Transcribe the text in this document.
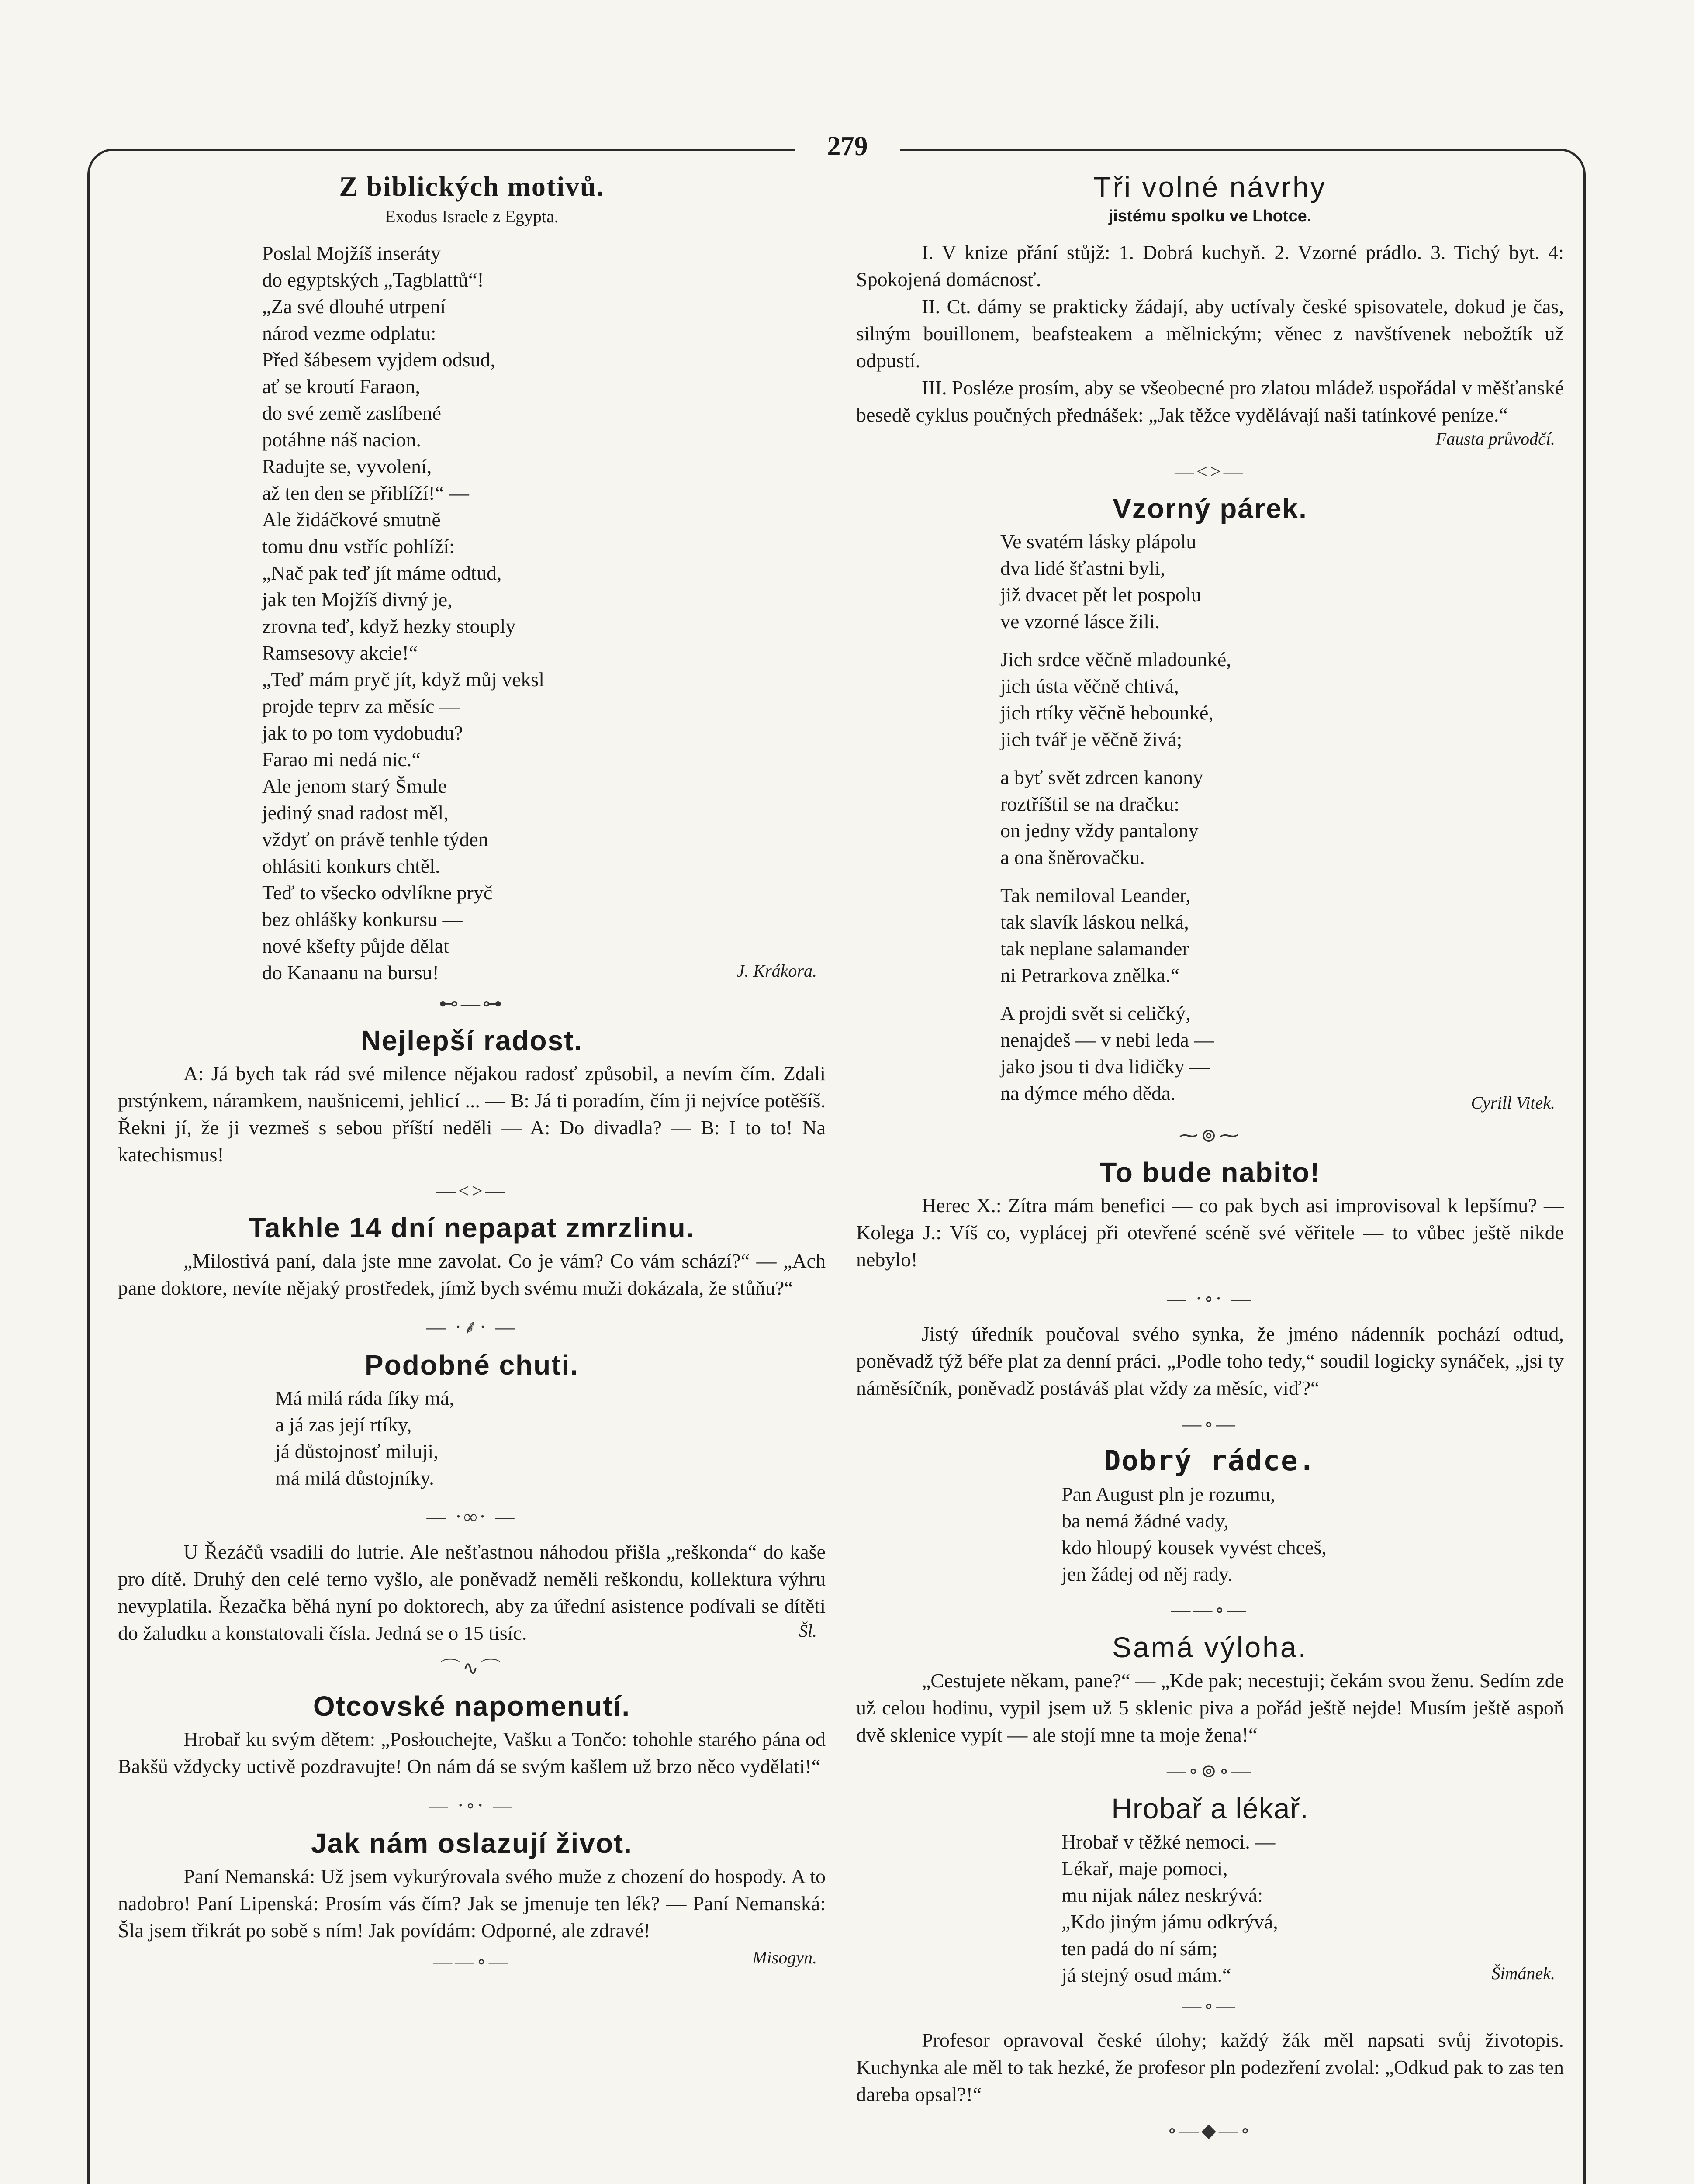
279
Z biblických motivů.
Exodus Israele z Egypta.

Poslal Mojžíš inseráty

do egyptských „Tagblattů“!

„Za své dlouhé utrpení

národ vezme odplatu:

Před šábesem vyjdem odsud,

ať se kroutí Faraon,

do své země zaslíbené

potáhne náš nacion.

Radujte se, vyvolení,

až ten den se přiblíží!“ —

Ale židáčkové smutně

tomu dnu vstříc pohlíží:

„Nač pak teď jít máme odtud,

jak ten Mojžíš divný je,

zrovna teď, když hezky stouply

Ramsesovy akcie!“

„Teď mám pryč jít, když můj veksl

projde teprv za měsíc —

jak to po tom vydobudu?

Farao mi nedá nic.“

Ale jenom starý Šmule

jediný snad radost měl,

vždyť on právě tenhle týden

ohlásiti konkurs chtěl.

Teď to všecko odvlíkne pryč

bez ohlášky konkursu —

nové kšefty půjde dělat

do Kanaanu na bursu!	J. Krákora.
⊷—⊶
Nejlepší radost.

A: Já bych tak rád své milence nějakou radosť způsobil, a nevím čím. Zdali prstýnkem, náramkem, naušnicemi, jehlicí ... — B: Já ti poradím, čím ji nejvíce potěšíš. Řekni jí, že ji vezmeš s sebou příští neděli — A: Do divadla? — B: I to to! Na katechismus!

—<>—
Takhle 14 dní nepapat zmrzlinu.

„Milostivá paní, dala jste mne zavolat. Co je vám? Co vám schází?“ — „Ach pane doktore, nevíte nějaký prostředek, jímž bych svému muži dokázala, že stůňu?“

— ⸱⸙⸱ —
Podobné chuti.

Má milá ráda fíky má,

a já zas její rtíky,

já důstojnosť miluji,

má milá důstojníky.

— ⸱∞⸱ —

U Řezáčů vsadili do lutrie. Ale nešťastnou náhodou přišla „reškonda“ do kaše pro dítě. Druhý den celé terno vyšlo, ale poněvadž neměli reškondu, kollektura výhru nevyplatila. Řezačka běhá nyní po doktorech, aby za úřední asistence podívali se dítěti do žaludku a konstatovali čísla. Jedná se o 15 tisíc.	Šl.
⌒∿⌒
Otcovské napomenutí.

Hrobař ku svým dětem: „Posłouchejte, Vašku a Tončo: tohohle starého pána od Bakšů vždycky uctivě pozdravujte! On nám dá se svým kašlem už brzo něco vydělati!“

— ⸱∘⸱ —
Jak nám oslazují život.

Paní Nemanská: Už jsem vykurýrovala svého muže z chození do hospody. A to nadobro! Paní Lipenská: Prosím vás čím? Jak se jmenuje ten lék? — Paní Nemanská: Šla jsem třikrát po sobě s ním! Jak povídám: Odporné, ale zdravé!

——∘—	Misogyn.
Tři volné návrhy
jistému spolku ve Lhotce.

I. V knize přání stůjž: 1. Dobrá kuchyň. 2. Vzorné prádlo. 3. Tichý byt. 4: Spokojená domácnosť.

II. Ct. dámy se prakticky žádají, aby uctívaly české spisovatele, dokud je čas, silným bouillonem, beafsteakem a mělnickým; věnec z navštívenek nebožtík už odpustí.

III. Posléze prosím, aby se všeobecné pro zlatou mládež uspořádal v měšťanské besedě cyklus poučných přednášek: „Jak těžce vydělávají naši tatínkové peníze.“

Fausta průvodčí.
—<>—
Vzorný párek.

Ve svatém lásky plápolu

dva lidé šťastni byli,

již dvacet pět let pospolu

ve vzorné lásce žili.

Jich srdce věčně mladounké,

jich ústa věčně chtivá,

jich rtíky věčně hebounké,

jich tvář je věčně živá;

a byť svět zdrcen kanony

roztříštil se na dračku:

on jedny vždy pantalony

a ona šněrovačku.

Tak nemiloval Leander,

tak slavík láskou nelká,

tak neplane salamander

ni Petrarkova znělka.“

A projdi svět si celičký,

nenajdeš — v nebi leda —

jako jsou ti dva lidičky —

na dýmce mého děda.	Cyrill Vitek.
⁓⊚⁓
To bude nabito!

Herec X.: Zítra mám benefici — co pak bych asi improvisoval k lepšímu? — Kolega J.: Víš co, vyplácej při otevřené scéně své věřitele — to vůbec ještě nikde nebylo!

— ⸱∘⸱ —

Jistý úředník poučoval svého synka, že jméno nádenník pochází odtud, poněvadž týž béře plat za denní práci. „Podle toho tedy,“ soudil logicky synáček, „jsi ty náměsíčník, poněvadž postáváš plat vždy za měsíc, viď?“

—∘—
Dobrý rádce.

Pan August pln je rozumu,

ba nemá žádné vady,

kdo hloupý kousek vyvést chceš,

jen žádej od něj rady.

——∘—
Samá výloha.

„Cestujete někam, pane?“ — „Kde pak; necestuji; čekám svou ženu. Sedím zde už celou hodinu, vypil jsem už 5 sklenic piva a pořád ještě nejde! Musím ještě aspoň dvě sklenice vypít — ale stojí mne ta moje žena!“

—∘⊚∘—
Hrobař a lékař.

Hrobař v těžké nemoci. —

Lékař, maje pomoci,

mu nijak nález neskrývá:

„Kdo jiným jámu odkrývá,

ten padá do ní sám;

já stejný osud mám.“	Šimánek.
—∘—

Profesor opravoval české úlohy; každý žák měl napsati svůj životopis. Kuchynka ale měl to tak hezké, že profesor pln podezření zvolal: „Odkud pak to zas ten dareba opsal?!“

∘—◆—∘
